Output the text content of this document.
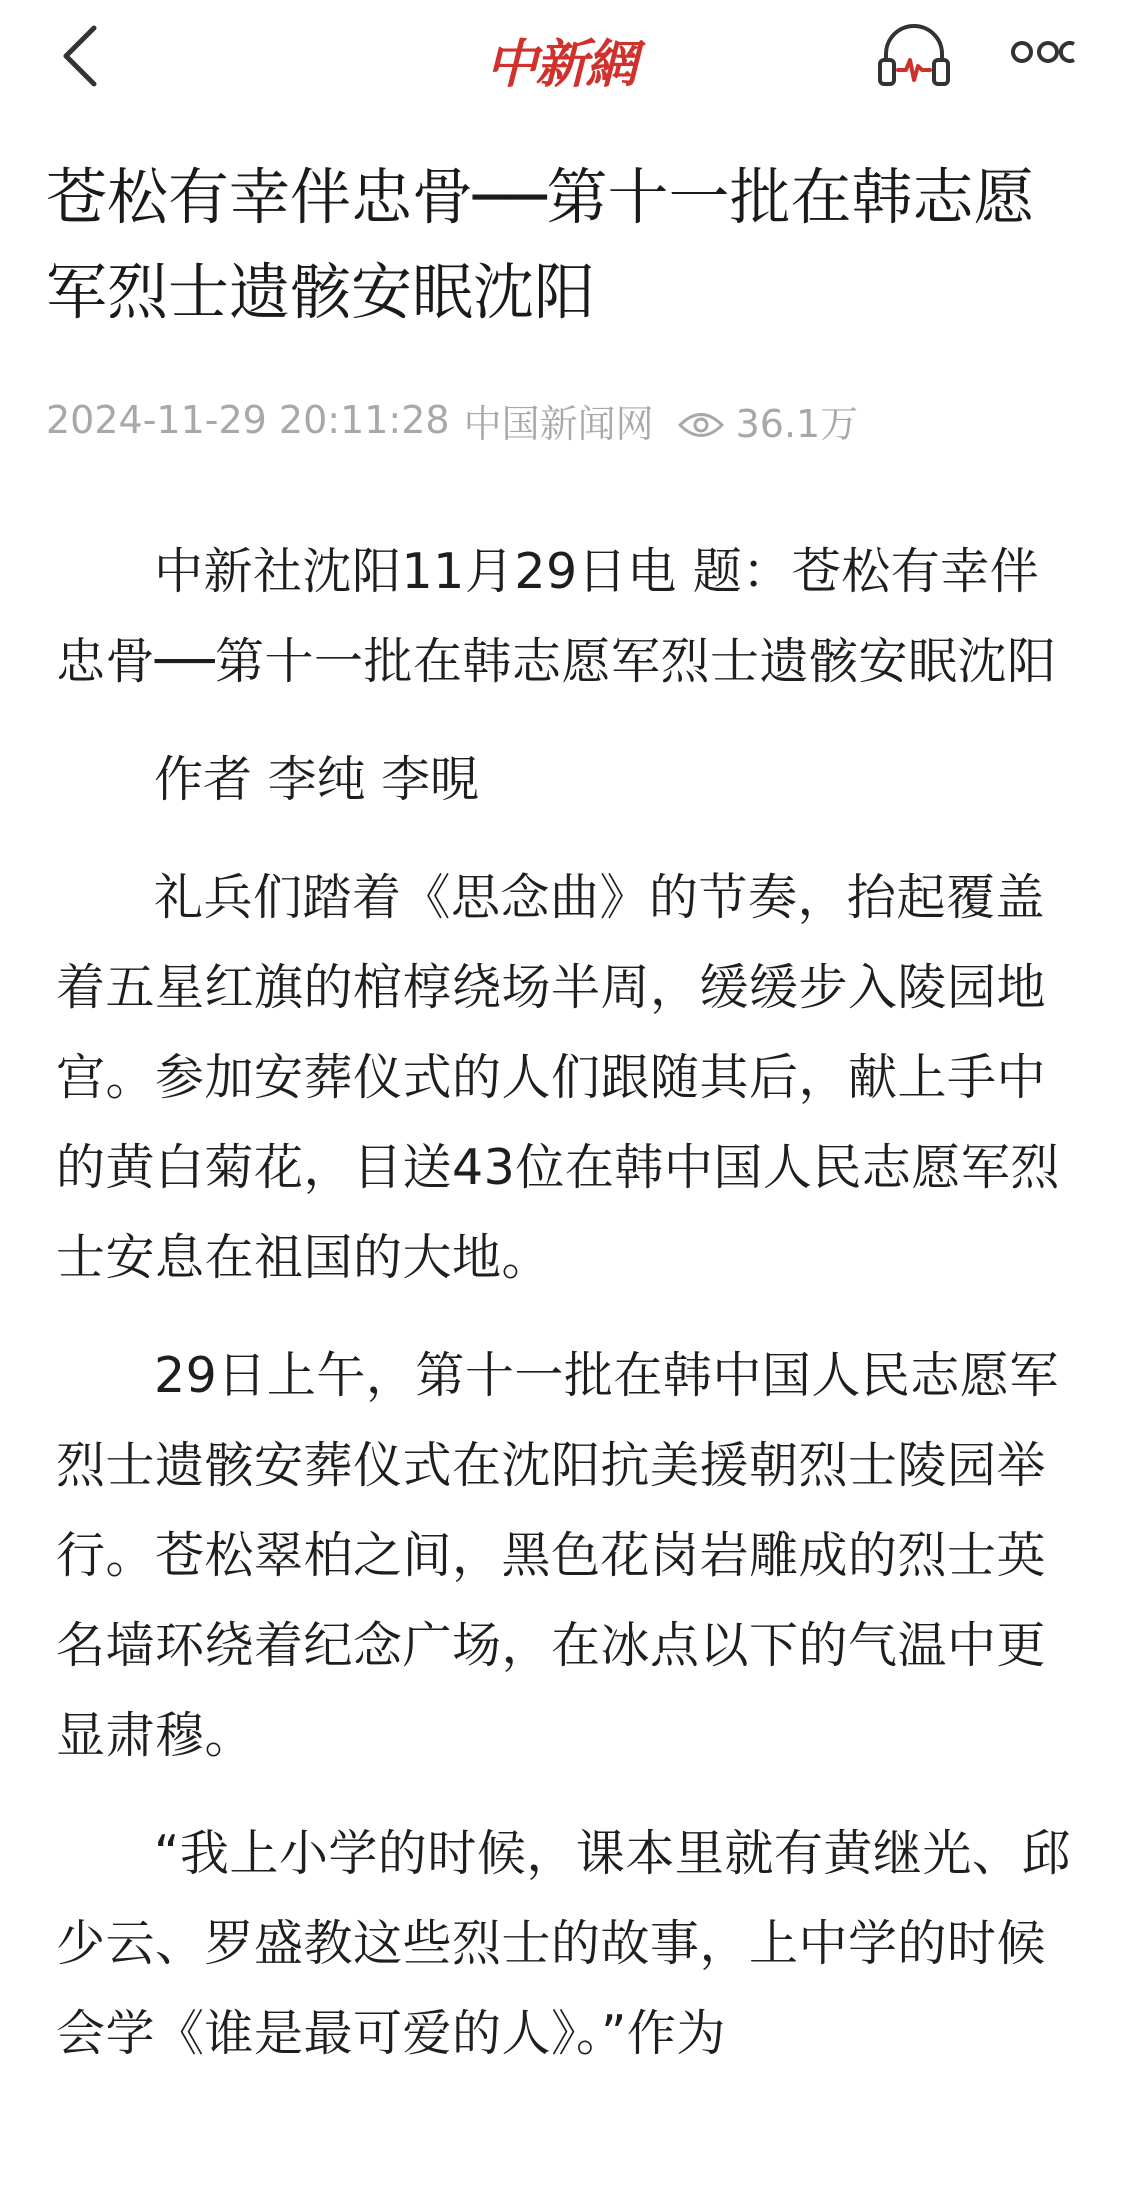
中新網
苍松有幸伴忠骨──第十一批在韩志愿军烈士遗骸安眠沈阳
2024-11-29 20:11:28 中国新闻网 36.1万

中新社沈阳11月29日电 题：苍松有幸伴忠骨──第十一批在韩志愿军烈士遗骸安眠沈阳

作者 李纯 李晛

礼兵们踏着《思念曲》的节奏，抬起覆盖着五星红旗的棺椁绕场半周，缓缓步入陵园地宫。参加安葬仪式的人们跟随其后，献上手中的黄白菊花，目送43位在韩中国人民志愿军烈士安息在祖国的大地。

29日上午，第十一批在韩中国人民志愿军烈士遗骸安葬仪式在沈阳抗美援朝烈士陵园举行。苍松翠柏之间，黑色花岗岩雕成的烈士英名墙环绕着纪念广场，在冰点以下的气温中更显肃穆。

“我上小学的时候，课本里就有黄继光、邱少云、罗盛教这些烈士的故事，上中学的时候会学《谁是最可爱的人》。”作为
